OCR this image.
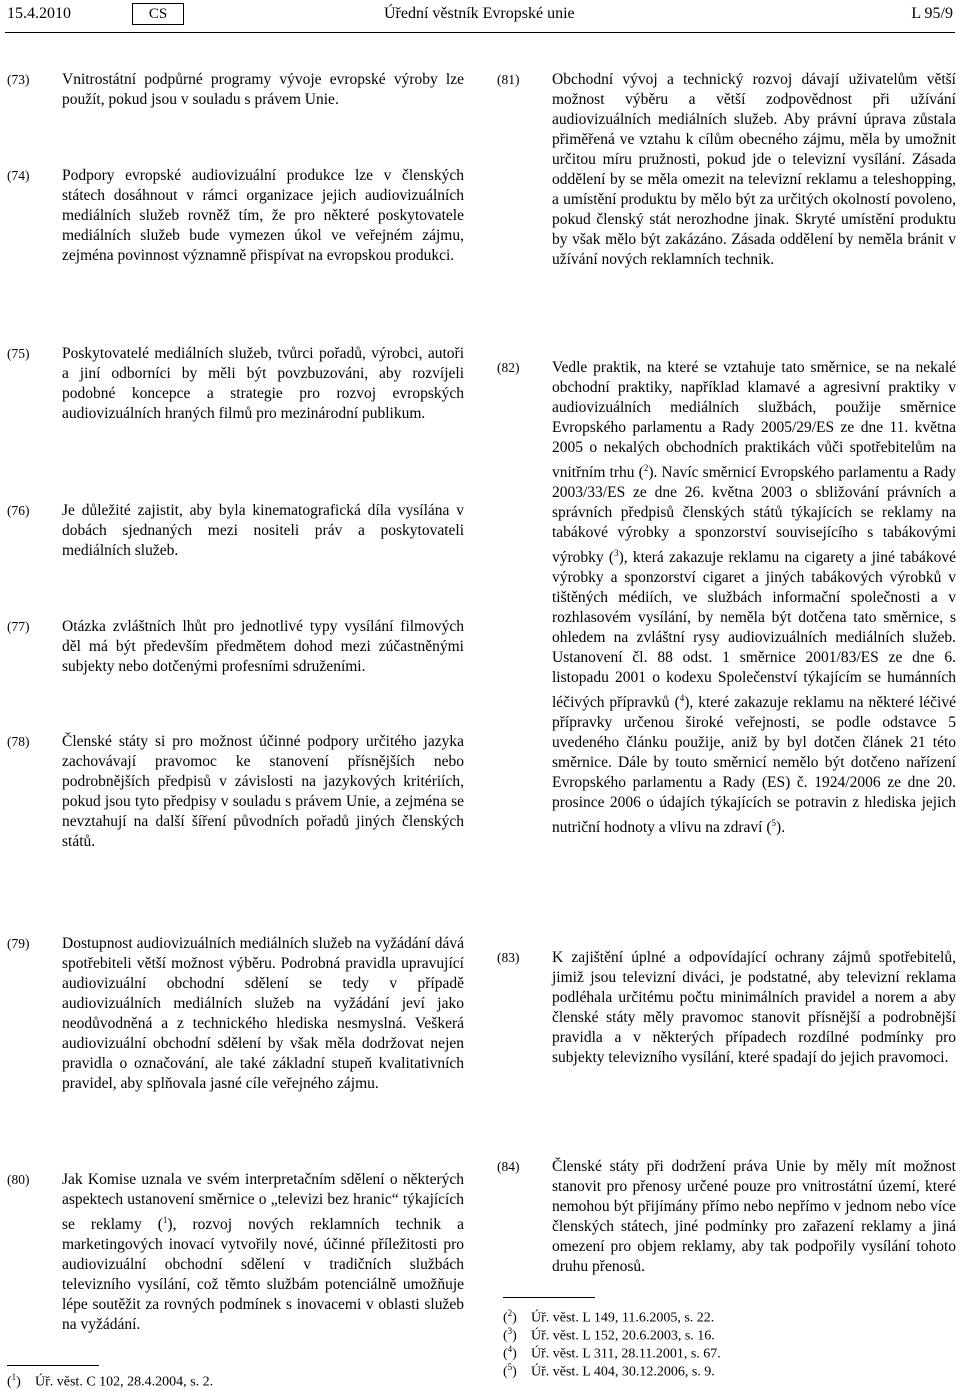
15.4.2010	CS	Úřední věstník Evropské unie	L 95/9
(73) Vnitrostátní podpůrné programy vývoje evropské výroby lze použít, pokud jsou v souladu s právem Unie.
(74) Podpory evropské audiovizuální produkce lze v členských státech dosáhnout v rámci organizace jejich audiovizuálních mediálních služeb rovněž tím, že pro některé poskytovatele mediálních služeb bude vymezen úkol ve veřejném zájmu, zejména povinnost významně přispívat na evropskou produkci.
(75) Poskytovatelé mediálních služeb, tvůrci pořadů, výrobci, autoři a jiní odborníci by měli být povzbuzováni, aby rozvíjeli podobné koncepce a strategie pro rozvoj evropských audiovizuálních hraných filmů pro mezinárodní publikum.
(76) Je důležité zajistit, aby byla kinematografická díla vysílána v dobách sjednaných mezi nositeli práv a poskytovateli mediálních služeb.
(77) Otázka zvláštních lhůt pro jednotlivé typy vysílání filmových děl má být především předmětem dohod mezi zúčastněnými subjekty nebo dotčenými profesními sdruženími.
(78) Členské státy si pro možnost účinné podpory určitého jazyka zachovávají pravomoc ke stanovení přísnějších nebo podrobnějších předpisů v závislosti na jazykových kritériích, pokud jsou tyto předpisy v souladu s právem Unie, a zejména se nevztahují na další šíření původních pořadů jiných členských států.
(79) Dostupnost audiovizuálních mediálních služeb na vyžádání dává spotřebiteli větší možnost výběru. Podrobná pravidla upravující audiovizuální obchodní sdělení se tedy v případě audiovizuálních mediálních služeb na vyžádání jeví jako neodůvodněná a z technického hlediska nesmyslná. Veškerá audiovizuální obchodní sdělení by však měla dodržovat nejen pravidla o označování, ale také základní stupeň kvalitativních pravidel, aby splňovala jasné cíle veřejného zájmu.
(80) Jak Komise uznala ve svém interpretačním sdělení o některých aspektech ustanovení směrnice o „televizi bez hranic“ týkajících se reklamy ($^1$), rozvoj nových reklamních technik a marketingových inovací vytvořily nové, účinné příležitosti pro audiovizuální obchodní sdělení v tradičních službách televizního vysílání, což těmto službám potenciálně umožňuje lépe soutěžit za rovných podmínek s inovacemi v oblasti služeb na vyžádání.
($^1$) Úř. věst. C 102, 28.4.2004, s. 2.
(81) Obchodní vývoj a technický rozvoj dávají uživatelům větší možnost výběru a větší zodpovědnost při užívání audiovizuálních mediálních služeb. Aby právní úprava zůstala přiměřená ve vztahu k cílům obecného zájmu, měla by umožnit určitou míru pružnosti, pokud jde o televizní vysílání. Zásada oddělení by se měla omezit na televizní reklamu a teleshopping, a umístění produktu by mělo být za určitých okolností povoleno, pokud členský stát nerozhodne jinak. Skryté umístění produktu by však mělo být zakázáno. Zásada oddělení by neměla bránit v užívání nových reklamních technik.
(82) Vedle praktik, na které se vztahuje tato směrnice, se na nekalé obchodní praktiky, například klamavé a agresivní praktiky v audiovizuálních mediálních službách, použije směrnice Evropského parlamentu a Rady 2005/29/ES ze dne 11. května 2005 o nekalých obchodních praktikách vůči spotřebitelům na vnitřním trhu ($^2$). Navíc směrnicí Evropského parlamentu a Rady 2003/33/ES ze dne 26. května 2003 o sbližování právních a správních předpisů členských států týkajících se reklamy na tabákové výrobky a sponzorství souvisejícího s tabákovými výrobky ($^3$), která zakazuje reklamu na cigarety a jiné tabákové výrobky a sponzorství cigaret a jiných tabákových výrobků v tištěných médiích, ve službách informační společnosti a v rozhlasovém vysílání, by neměla být dotčena tato směrnice, s ohledem na zvláštní rysy audiovizuálních mediálních služeb. Ustanovení čl. 88 odst. 1 směrnice 2001/83/ES ze dne 6. listopadu 2001 o kodexu Společenství týkajícím se humánních léčivých přípravků ($^4$), které zakazuje reklamu na některé léčivé přípravky určenou široké veřejnosti, se podle odstavce 5 uvedeného článku použije, aniž by byl dotčen článek 21 této směrnice. Dále by touto směrnicí nemělo být dotčeno nařízení Evropského parlamentu a Rady (ES) č. 1924/2006 ze dne 20. prosince 2006 o údajích týkajících se potravin z hlediska jejich nutriční hodnoty a vlivu na zdraví ($^5$).
(83) K zajištění úplné a odpovídající ochrany zájmů spotřebitelů, jimiž jsou televizní diváci, je podstatné, aby televizní reklama podléhala určitému počtu minimálních pravidel a norem a aby členské státy měly pravomoc stanovit přísnější a podrobnější pravidla a v některých případech rozdílné podmínky pro subjekty televizního vysílání, které spadají do jejich pravomoci.
(84) Členské státy při dodržení práva Unie by měly mít možnost stanovit pro přenosy určené pouze pro vnitrostátní území, které nemohou být přijímány přímo nebo nepřímo v jednom nebo více členských státech, jiné podmínky pro zařazení reklamy a jiná omezení pro objem reklamy, aby tak podpořily vysílání tohoto druhu přenosů.
($^2$) Úř. věst. L 149, 11.6.2005, s. 22.
($^3$) Úř. věst. L 152, 20.6.2003, s. 16.
($^4$) Úř. věst. L 311, 28.11.2001, s. 67.
($^5$) Úř. věst. L 404, 30.12.2006, s. 9.
